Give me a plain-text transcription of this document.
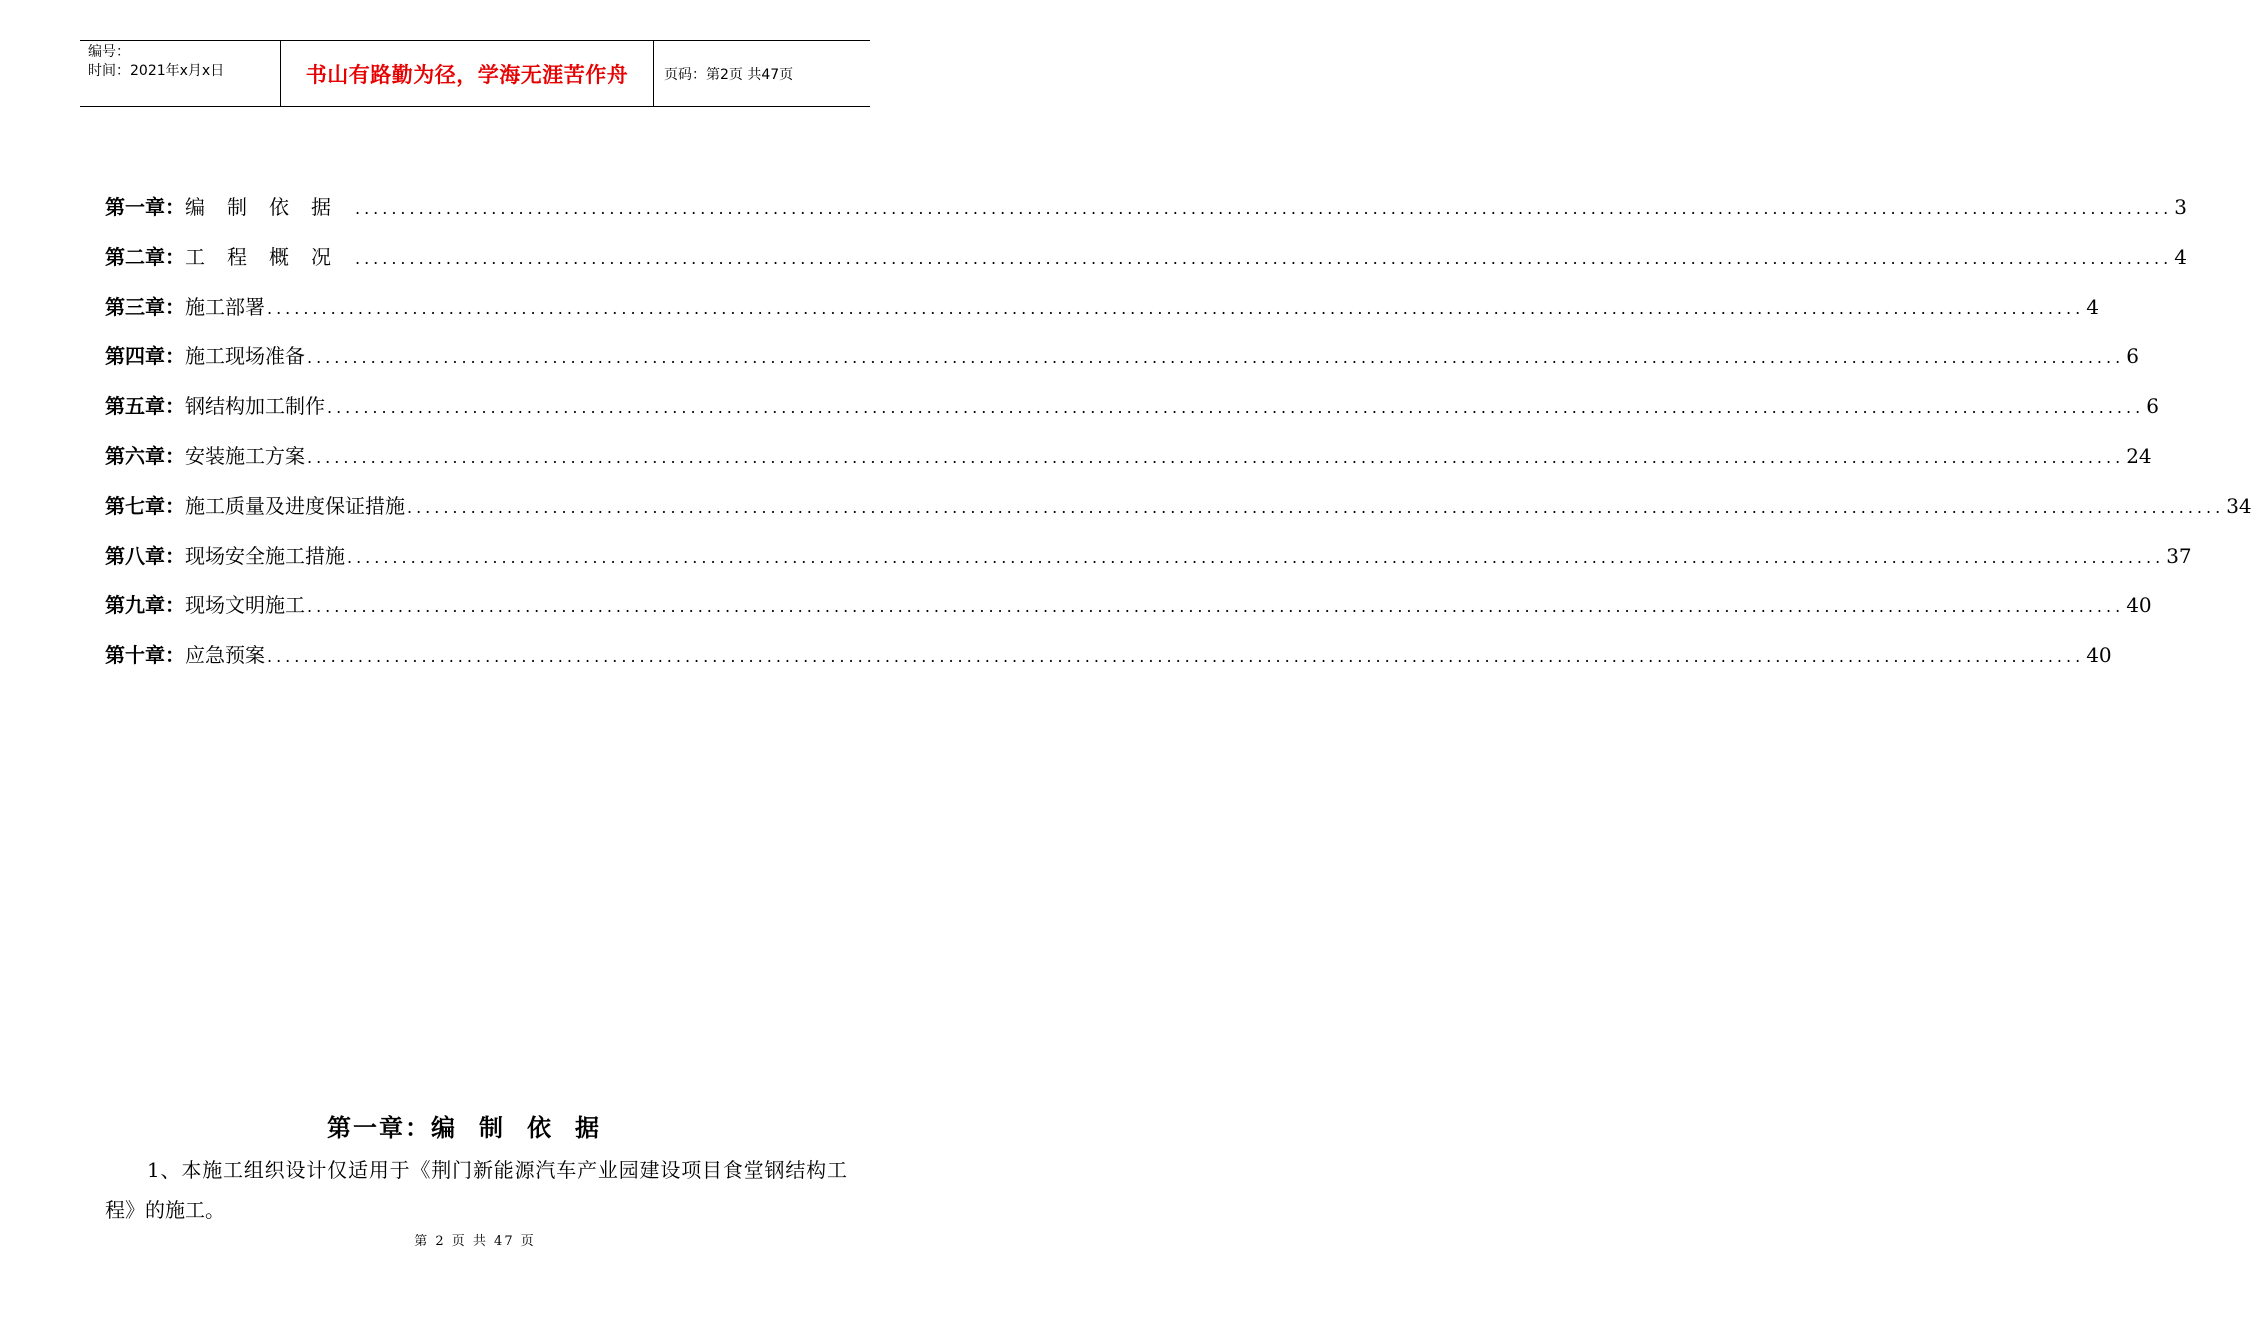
编号：
时间：2021年x月x日	书山有路勤为径，学海无涯苦作舟	页码：第2页 共47页
第一章： 编制依据 ........................................................................................................................................................................................................ 3
第二章： 工程概况 ........................................................................................................................................................................................................ 4
第三章： 施工部署 ........................................................................................................................................................................................................ 4
第四章： 施工现场准备 ........................................................................................................................................................................................................ 6
第五章： 钢结构加工制作 ........................................................................................................................................................................................................ 6
第六章： 安装施工方案 ........................................................................................................................................................................................................ 24
第七章： 施工质量及进度保证措施 ........................................................................................................................................................................................................ 34
第八章： 现场安全施工措施 ........................................................................................................................................................................................................ 37
第九章： 现场文明施工 ........................................................................................................................................................................................................ 40
第十章： 应急预案 ........................................................................................................................................................................................................ 40
第一章：编制依据
1、本施工组织设计仅适用于《荆门新能源汽车产业园建设项目食堂钢结构工程》的施工。
第 2 页 共 47 页
